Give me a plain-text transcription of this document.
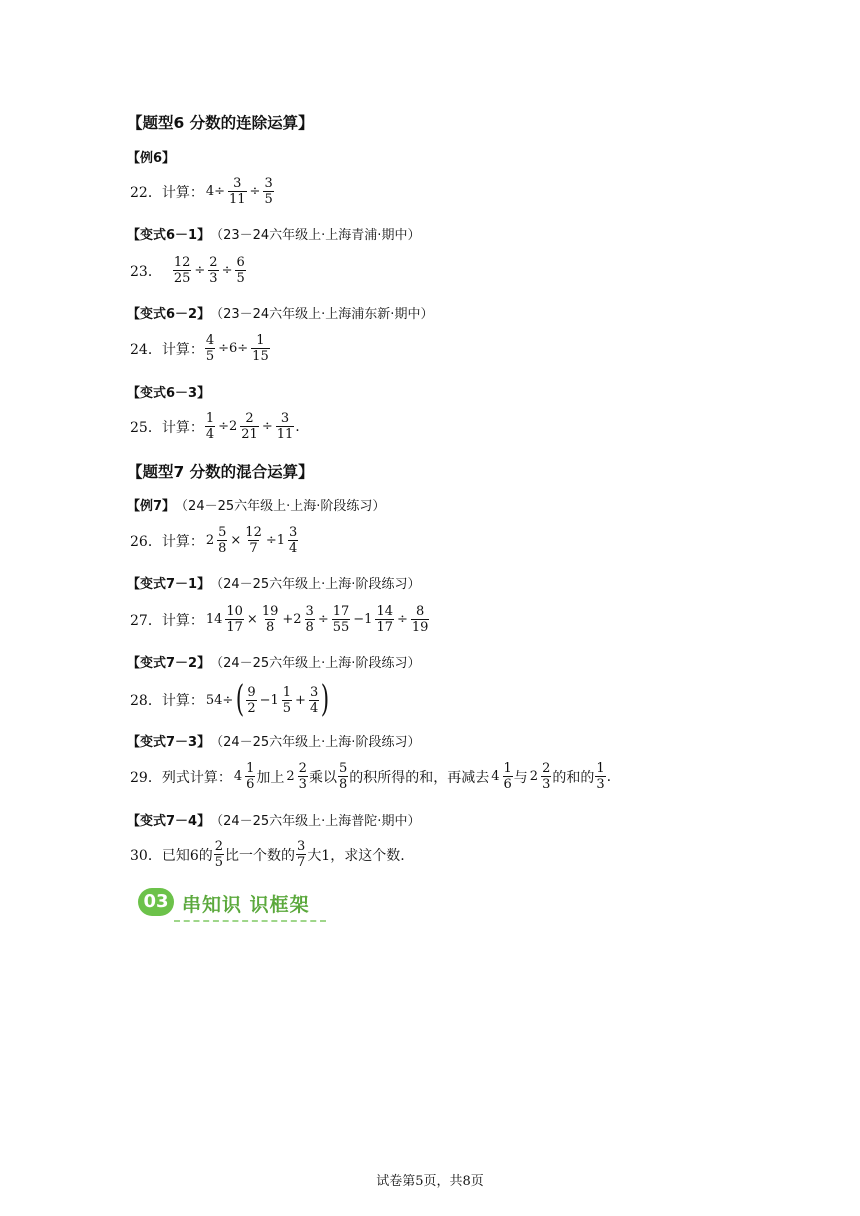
【题型6 分数的连除运算】
【例6】
22． 计算： $4\div \frac{3}{11} \div \frac{3}{5}$
【变式6－1】 （23－24六年级上·上海青浦·期中）
23． $\frac{12}{25} \div \frac{2}{3} \div \frac{6}{5}$
【变式6－2】 （23－24六年级上·上海浦东新·期中）
24． 计算： $\frac{4}{5} \div 6\div \frac{1}{15}$
【变式6－3】
25． 计算： $\frac{1}{4} \div 2 \frac{2}{21} \div \frac{3}{11}$ .
【题型7 分数的混合运算】
【例7】 （24－25六年级上·上海·阶段练习）
26． 计算： $2 \frac{5}{8} \times \frac{12}{7} \div 1 \frac{3}{4}$
【变式7－1】 （24－25六年级上·上海·阶段练习）
27． 计算： $14 \frac{10}{17} \times \frac{19}{8} +2 \frac{3}{8} \div \frac{17}{55} -1 \frac{14}{17} \div \frac{8}{19}$
【变式7－2】 （24－25六年级上·上海·阶段练习）
28． 计算： 54÷ ( $\frac{9}{2} -1 \frac{1}{5} + \frac{3}{4}$ )
【变式7－3】 （24－25六年级上·上海·阶段练习）
29． 列式计算： $4 \frac{1}{6}$ 加上 $2 \frac{2}{3}$ 乘以 $\frac{5}{8}$ 的积所得的和，再减去 $4 \frac{1}{6}$ 与 $2 \frac{2}{3}$ 的和的 $\frac{1}{3}$ .
【变式7－4】 （24－25六年级上·上海普陀·期中）
30． 已知6的 $\frac{2}{5}$ 比一个数的 $\frac{3}{7}$ 大1，求这个数.
03 串知识 识框架
试卷第5页，共8页
